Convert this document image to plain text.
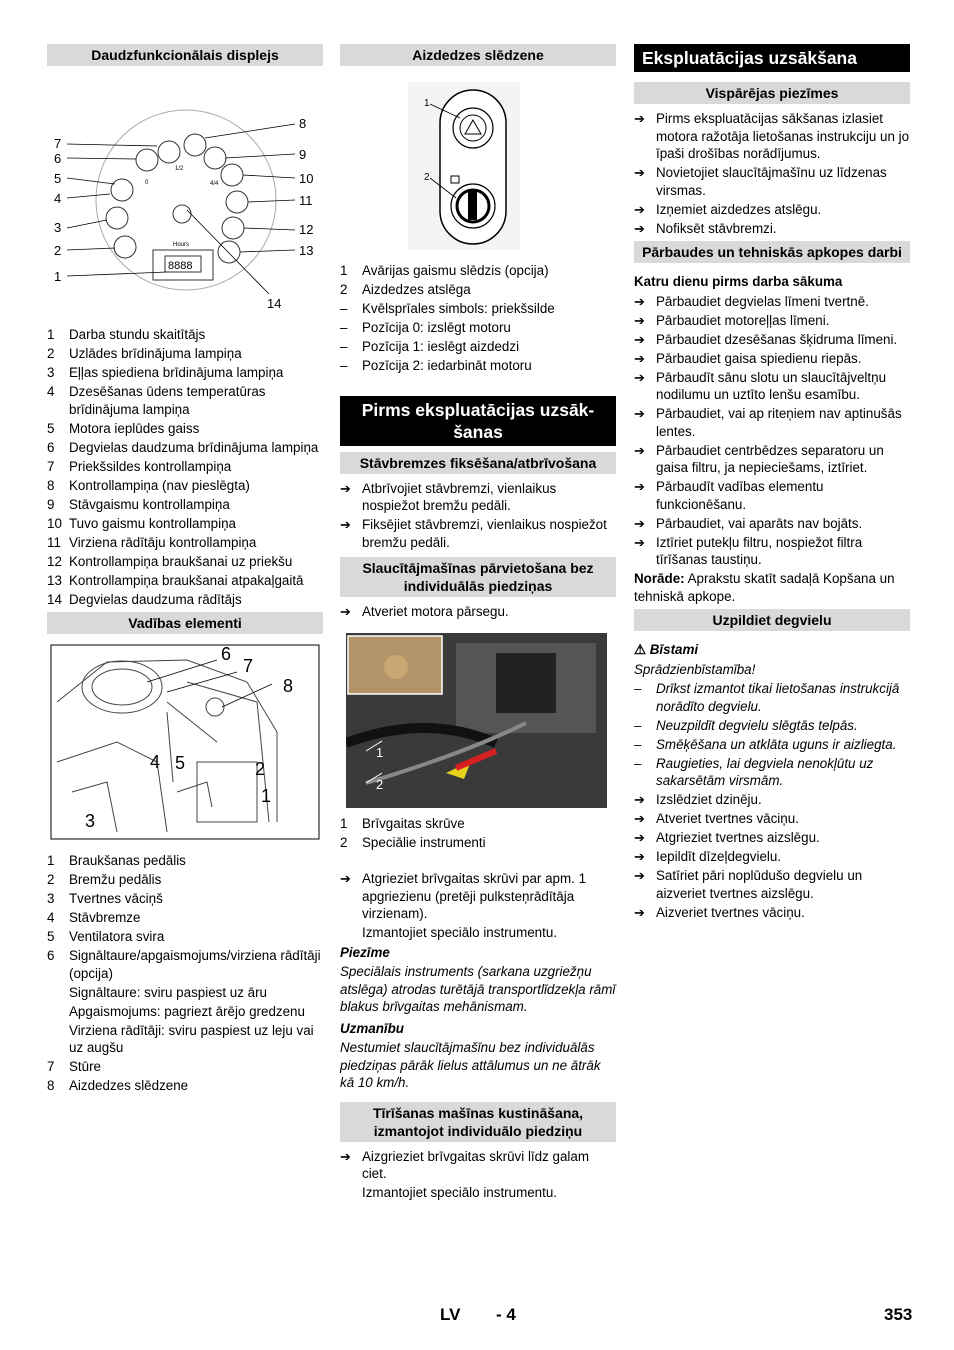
Daudzfunkcionālais displejs
7
6
5
4
3
2
1
8
9
10
11
12
13
14
1/2
0	4/4
Hours
8888
1	Darba stundu skaitītājs
2	Uzlādes brīdinājuma lampiņa
3	Eļļas spiediena brīdinājuma lampiņa
4	Dzesēšanas ūdens temperatūras brīdinājuma lampiņa
5	Motora ieplūdes gaiss
6	Degvielas daudzuma brīdinājuma lampiņa
7	Priekšsildes kontrollampiņa
8	Kontrollampiņa (nav pieslēgta)
9	Stāvgaismu kontrollampiņa
10 Tuvo gaismu kontrollampiņa
11 Virziena rādītāju kontrollampiņa
12 Kontrollampiņa braukšanai uz priekšu
13 Kontrollampiņa braukšanai atpakaļgaitā
14 Degvielas daudzuma rādītājs
Vadības elementi
6
7
8
4 5	2
1
3
1	Braukšanas pedālis
2	Bremžu pedālis
3	Tvertnes vāciņš
4	Stāvbremze
5	Ventilatora svira
6	Signāltaure/apgaismojums/virziena rādītāji (opcija)
Signāltaure: sviru paspiest uz āru
Apgaismojums: pagriezt ārējo gredzenu
Virziena rādītāji: sviru paspiest uz leju vai uz augšu
7	Stūre
8	Aizdedzes slēdzene
Aizdedzes slēdzene
1
2
1	Avārijas gaismu slēdzis (opcija)
2	Aizdedzes atslēga
–	Kvēlsprīales simbols: priekšsilde
–	Pozīcija 0: izslēgt motoru
–	Pozīcija 1: ieslēgt aizdedzi
–	Pozīcija 2: iedarbināt motoru
Pirms ekspluatācijas uzsāk-šanas
Stāvbremzes fiksēšana/atbrīvošana
➔ Atbrīvojiet stāvbremzi, vienlaikus nospiežot bremžu pedāli.
➔ Fiksējiet stāvbremzi, vienlaikus nospiežot bremžu pedāli.
Slaucītājmašīnas pārvietošana bez individuālās piedziņas
➔ Atveriet motora pārsegu.
1
2
1	Brīvgaitas skrūve
2	Speciālie instrumenti
➔ Atgrieziet brīvgaitas skrūvi par apm. 1 apgriezienu (pretēji pulksteņrādītāja virzienam).
Izmantojiet speciālo instrumentu.
Piezīme
Speciālais instruments (sarkana uzgriežņu atslēga) atrodas turētājā transportlīdzekļa rāmī blakus brīvgaitas mehānismam.
Uzmanību
Nestumiet slaucītājmašīnu bez individuālās piedziņas pārāk lielus attālumus un ne ātrāk kā 10 km/h.
Tīrīšanas mašīnas kustināšana, izmantojot individuālo piedziņu
➔ Aizgrieziet brīvgaitas skrūvi līdz galam ciet.
Izmantojiet speciālo instrumentu.
Ekspluatācijas uzsākšana
Vispārējas piezīmes
➔ Pirms ekspluatācijas sākšanas izlasiet motora ražotāja lietošanas instrukciju un jo īpaši drošības norādījumus.
➔ Novietojiet slaucītājmašīnu uz līdzenas virsmas.
➔ Izņemiet aizdedzes atslēgu.
➔ Nofiksēt stāvbremzi.
Pārbaudes un tehniskās apkopes darbi
Katru dienu pirms darba sākuma
➔ Pārbaudiet degvielas līmeni tvertnē.
➔ Pārbaudiet motoreļļas līmeni.
➔ Pārbaudiet dzesēšanas šķidruma līmeni.
➔ Pārbaudiet gaisa spiedienu riepās.
➔ Pārbaudīt sānu slotu un slaucītājveltņu nodilumu un uztīto lenšu esamību.
➔ Pārbaudiet, vai ap riteņiem nav aptinušās lentes.
➔ Pārbaudiet centrbēdzes separatoru un gaisa filtru, ja nepieciešams, iztīriet.
➔ Pārbaudīt vadības elementu funkcionēšanu.
➔ Pārbaudiet, vai aparāts nav bojāts.
➔ Iztīriet putekļu filtru, nospiežot filtra tīrīšanas taustiņu.
Norāde: Aprakstu skatīt sadaļā Kopšana un tehniskā apkope.
Uzpildiet degvielu
⚠ Bīstami
Sprādzienbīstamība!
–	Drīkst izmantot tikai lietošanas instrukcijā norādīto degvielu.
–	Neuzpildīt degvielu slēgtās telpās.
–	Smēķēšana un atklāta uguns ir aizliegta.
–	Raugieties, lai degviela nenokļūtu uz sakarsētām virsmām.
➔ Izslēdziet dzinēju.
➔ Atveriet tvertnes vāciņu.
➔ Atgrieziet tvertnes aizslēgu.
➔ Iepildīt dīzeļdegvielu.
➔ Satīriet pāri noplūdušo degvielu un aizveriet tvertnes aizslēgu.
➔ Aizveriet tvertnes vāciņu.
LV - 4	353
